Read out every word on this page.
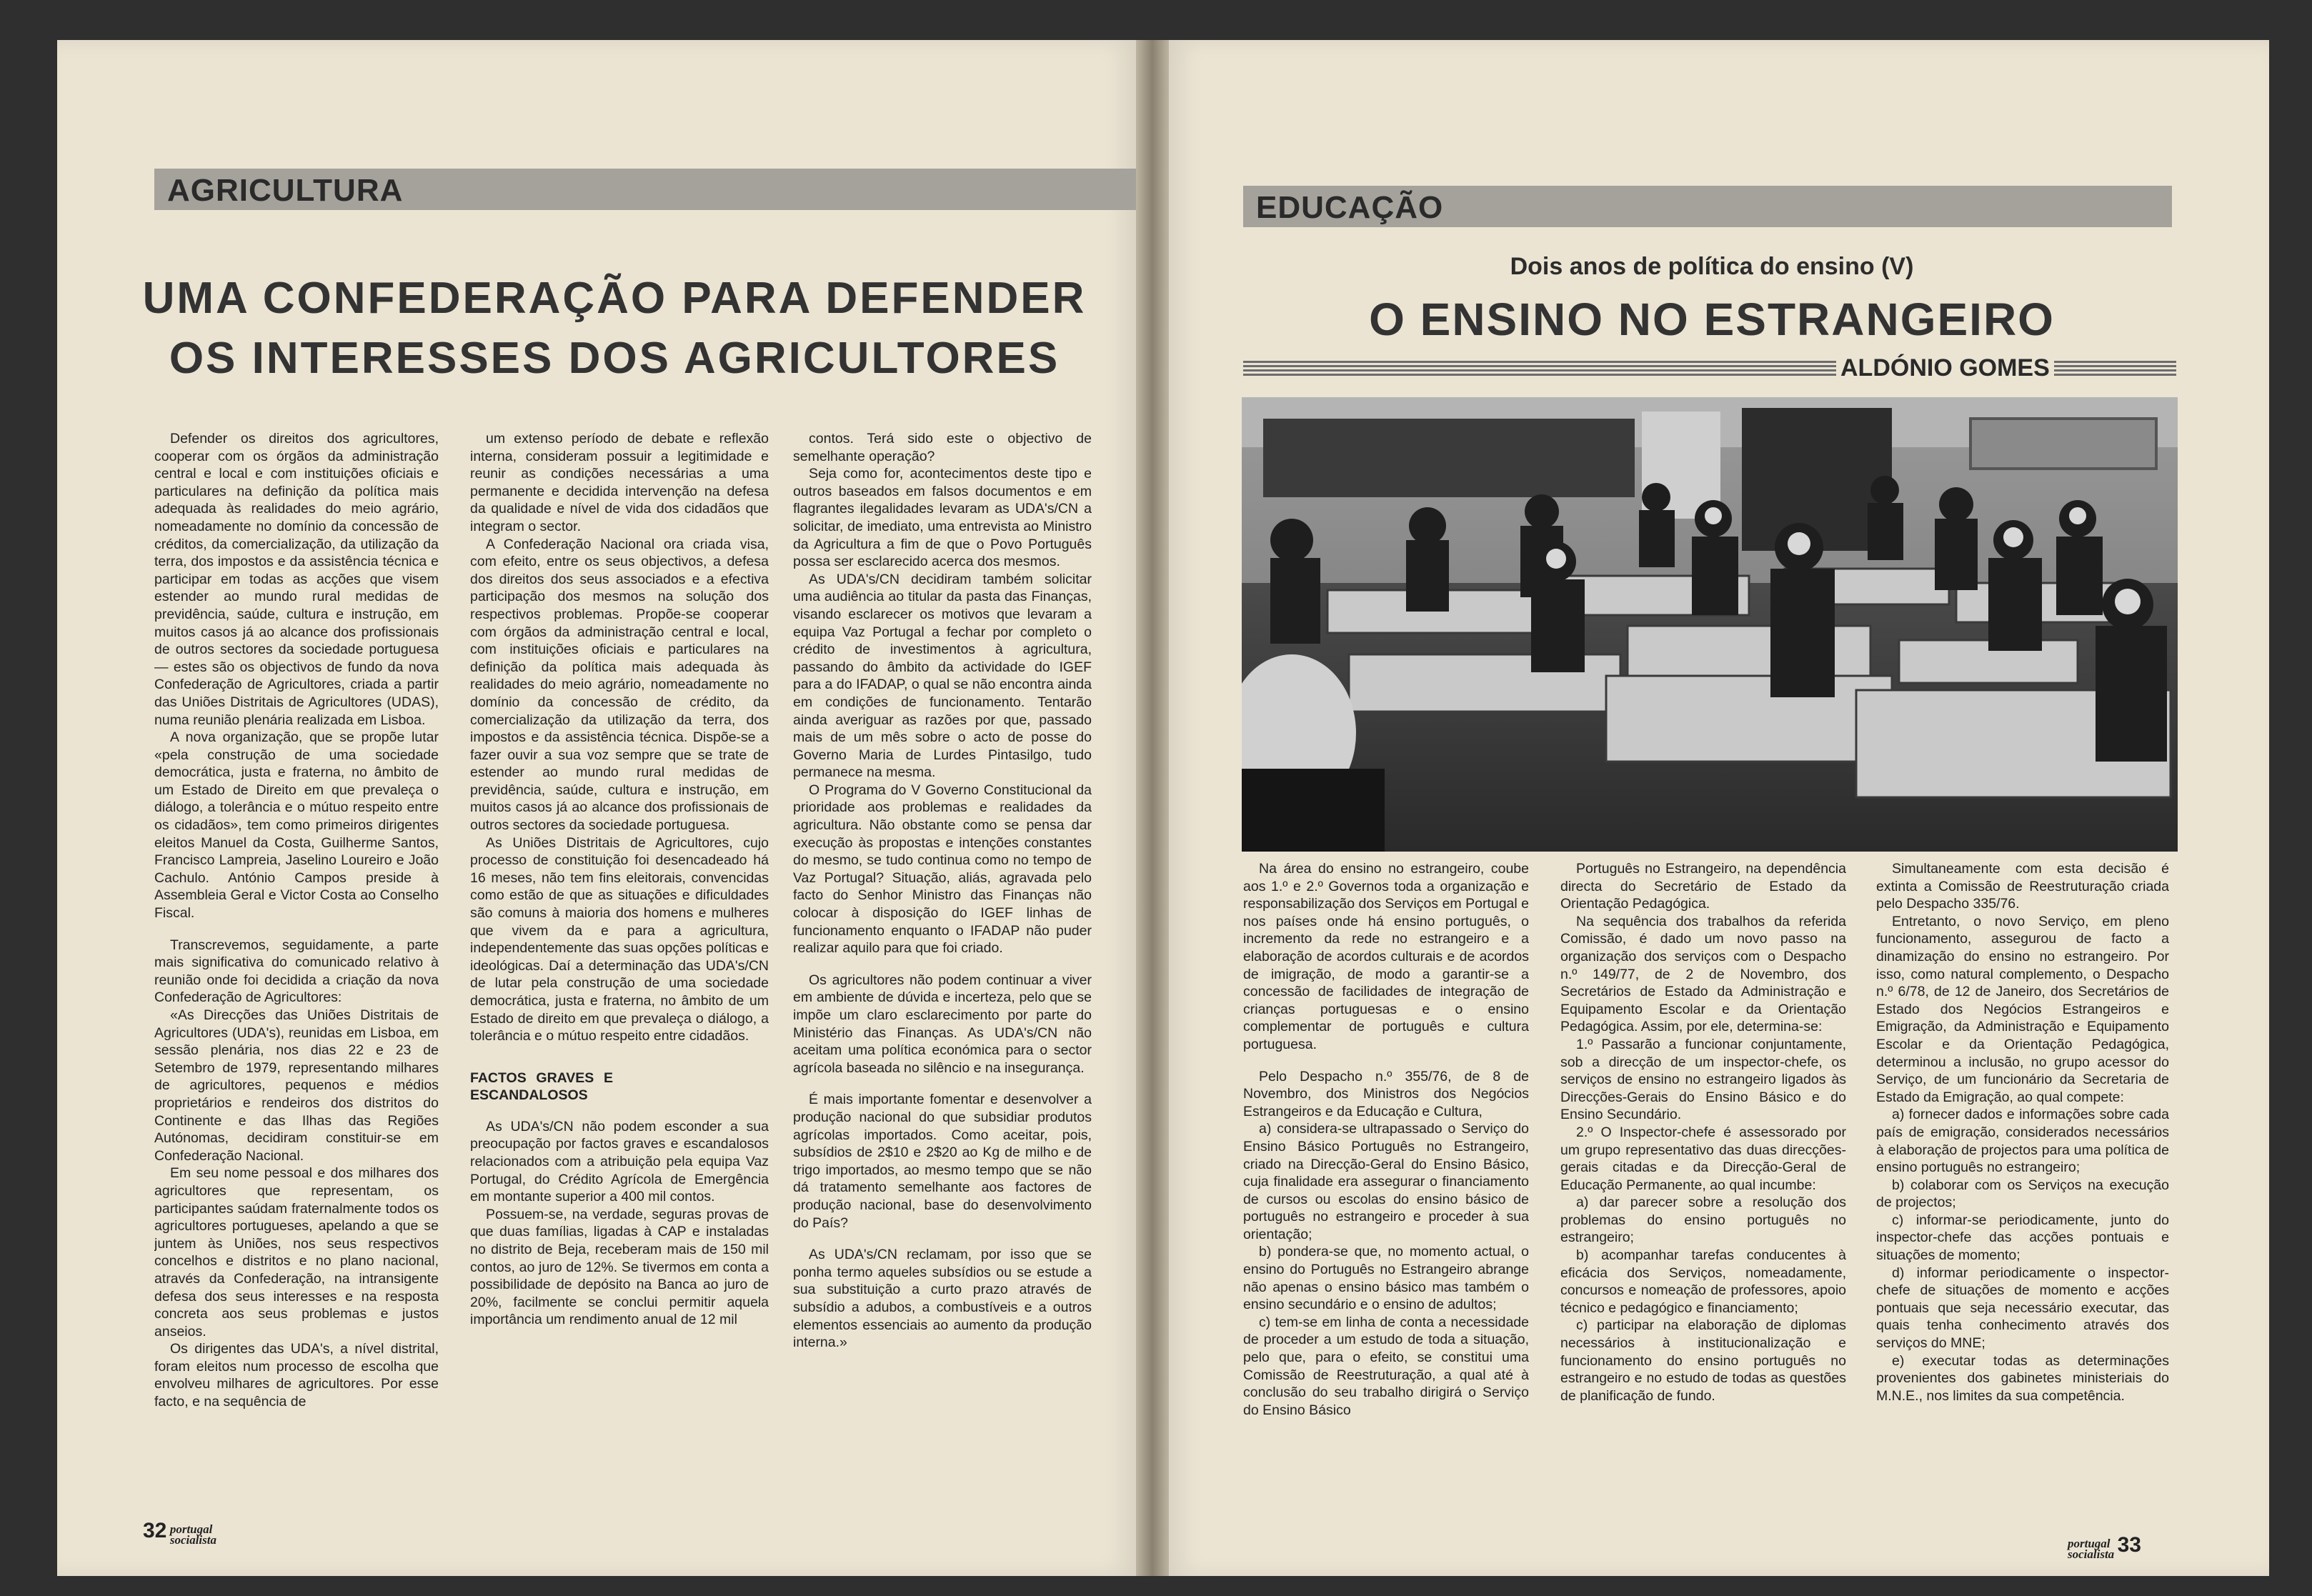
AGRICULTURA
UMA CONFEDERAÇÃO PARA DEFENDER
OS INTERESSES DOS AGRICULTORES

Defender os direitos dos agricultores, cooperar com os órgãos da administração central e local e com instituições oficiais e particulares na definição da política mais adequada às realidades do meio agrário, nomeadamente no domínio da concessão de créditos, da comercialização, da utilização da terra, dos impostos e da assistência técnica e participar em todas as acções que visem estender ao mundo rural medidas de previdência, saúde, cultura e instrução, em muitos casos já ao alcance dos profissionais de outros sectores da sociedade portuguesa — estes são os objectivos de fundo da nova Confederação de Agricultores, criada a partir das Uniões Distritais de Agricultores (UDAS), numa reunião plenária realizada em Lisboa.

A nova organização, que se propõe lutar «pela construção de uma sociedade democrática, justa e fraterna, no âmbito de um Estado de Direito em que prevaleça o diálogo, a tolerância e o mútuo respeito entre os cidadãos», tem como primeiros dirigentes eleitos Manuel da Costa, Guilherme Santos, Francisco Lampreia, Jaselino Loureiro e João Cachulo. António Campos preside à Assembleia Geral e Victor Costa ao Conselho Fiscal.

Transcrevemos, seguidamente, a parte mais significativa do comunicado relativo à reunião onde foi decidida a criação da nova Confederação de Agricultores:

«As Direcções das Uniões Distritais de Agricultores (UDA's), reunidas em Lisboa, em sessão plenária, nos dias 22 e 23 de Setembro de 1979, representando milhares de agricultores, pequenos e médios proprietários e rendeiros dos distritos do Continente e das Ilhas das Regiões Autónomas, decidiram constituir-se em Confederação Nacional.

Em seu nome pessoal e dos milhares dos agricultores que representam, os participantes saúdam fraternalmente todos os agricultores portugueses, apelando a que se juntem às Uniões, nos seus respectivos concelhos e distritos e no plano nacional, através da Confederação, na intransigente defesa dos seus interesses e na resposta concreta aos seus problemas e justos anseios.

Os dirigentes das UDA's, a nível distrital, foram eleitos num processo de escolha que envolveu milhares de agricultores. Por esse facto, e na sequência de

um extenso período de debate e reflexão interna, consideram possuir a legitimidade e reunir as condições necessárias a uma permanente e decidida intervenção na defesa da qualidade e nível de vida dos cidadãos que integram o sector.

A Confederação Nacional ora criada visa, com efeito, entre os seus objectivos, a defesa dos direitos dos seus associados e a efectiva participação dos mesmos na solução dos respectivos problemas. Propõe-se cooperar com órgãos da administração central e local, com instituições oficiais e particulares na definição da política mais adequada às realidades do meio agrário, nomeadamente no domínio da concessão de crédito, da comercialização da utilização da terra, dos impostos e da assistência técnica. Dispõe-se a fazer ouvir a sua voz sempre que se trate de estender ao mundo rural medidas de previdência, saúde, cultura e instrução, em muitos casos já ao alcance dos profissionais de outros sectores da sociedade portuguesa.

As Uniões Distritais de Agricultores, cujo processo de constituição foi desencadeado há 16 meses, não tem fins eleitorais, convencidas como estão de que as situações e dificuldades são comuns à maioria dos homens e mulheres que vivem da e para a agricultura, independentemente das suas opções políticas e ideológicas. Daí a determinação das UDA's/CN de lutar pela construção de uma sociedade democrática, justa e fraterna, no âmbito de um Estado de direito em que prevaleça o diálogo, a tolerância e o mútuo respeito entre cidadãos.

FACTOS GRAVES E ESCANDALOSOS

As UDA's/CN não podem esconder a sua preocupação por factos graves e escandalosos relacionados com a atribuição pela equipa Vaz Portugal, do Crédito Agrícola de Emergência em montante superior a 400 mil contos.

Possuem-se, na verdade, seguras provas de que duas famílias, ligadas à CAP e instaladas no distrito de Beja, receberam mais de 150 mil contos, ao juro de 12%. Se tivermos em conta a possibilidade de depósito na Banca ao juro de 20%, facilmente se conclui permitir aquela importância um rendimento anual de 12 mil

contos. Terá sido este o objectivo de semelhante operação?

Seja como for, acontecimentos deste tipo e outros baseados em falsos documentos e em flagrantes ilegalidades levaram as UDA's/CN a solicitar, de imediato, uma entrevista ao Ministro da Agricultura a fim de que o Povo Português possa ser esclarecido acerca dos mesmos.

As UDA's/CN decidiram também solicitar uma audiência ao titular da pasta das Finanças, visando esclarecer os motivos que levaram a equipa Vaz Portugal a fechar por completo o crédito de investimentos à agricultura, passando do âmbito da actividade do IGEF para a do IFADAP, o qual se não encontra ainda em condições de funcionamento. Tentarão ainda averiguar as razões por que, passado mais de um mês sobre o acto de posse do Governo Maria de Lurdes Pintasilgo, tudo permanece na mesma.

O Programa do V Governo Constitucional da prioridade aos problemas e realidades da agricultura. Não obstante como se pensa dar execução às propostas e intenções constantes do mesmo, se tudo continua como no tempo de Vaz Portugal? Situação, aliás, agravada pelo facto do Senhor Ministro das Finanças não colocar à disposição do IGEF linhas de funcionamento enquanto o IFADAP não puder realizar aquilo para que foi criado.

Os agricultores não podem continuar a viver em ambiente de dúvida e incerteza, pelo que se impõe um claro esclarecimento por parte do Ministério das Finanças. As UDA's/CN não aceitam uma política económica para o sector agrícola baseada no silêncio e na insegurança.

É mais importante fomentar e desenvolver a produção nacional do que subsidiar produtos agrícolas importados. Como aceitar, pois, subsídios de 2$10 e 2$20 ao Kg de milho e de trigo importados, ao mesmo tempo que se não dá tratamento semelhante aos factores de produção nacional, base do desenvolvimento do País?

As UDA's/CN reclamam, por isso que se ponha termo aqueles subsídios ou se estude a sua substituição a curto prazo através de subsídio a adubos, a combustíveis e a outros elementos essenciais ao aumento da produção interna.»

32 portugal
socialista
EDUCAÇÃO
Dois anos de política do ensino (V)
O ENSINO NO ESTRANGEIRO
ALDÓNIO GOMES

Na área do ensino no estrangeiro, coube aos 1.º e 2.º Governos toda a organização e responsabilização dos Serviços em Portugal e nos países onde há ensino português, o incremento da rede no estrangeiro e a elaboração de acordos culturais e de acordos de imigração, de modo a garantir-se a concessão de facilidades de integração de crianças portuguesas e o ensino complementar de português e cultura portuguesa.

Pelo Despacho n.º 355/76, de 8 de Novembro, dos Ministros dos Negócios Estrangeiros e da Educação e Cultura,

a) considera-se ultrapassado o Serviço do Ensino Básico Português no Estrangeiro, criado na Direcção-Geral do Ensino Básico, cuja finalidade era assegurar o financiamento de cursos ou escolas do ensino básico de português no estrangeiro e proceder à sua orientação;

b) pondera-se que, no momento actual, o ensino do Português no Estrangeiro abrange não apenas o ensino básico mas também o ensino secundário e o ensino de adultos;

c) tem-se em linha de conta a necessidade de proceder a um estudo de toda a situação, pelo que, para o efeito, se constitui uma Comissão de Reestruturação, a qual até à conclusão do seu trabalho dirigirá o Serviço do Ensino Básico

Português no Estrangeiro, na dependência directa do Secretário de Estado da Orientação Pedagógica.

Na sequência dos trabalhos da referida Comissão, é dado um novo passo na organização dos serviços com o Despacho n.º 149/77, de 2 de Novembro, dos Secretários de Estado da Administração e Equipamento Escolar e da Orientação Pedagógica. Assim, por ele, determina-se:

1.º Passarão a funcionar conjuntamente, sob a direcção de um inspector-chefe, os serviços de ensino no estrangeiro ligados às Direcções-Gerais do Ensino Básico e do Ensino Secundário.

2.º O Inspector-chefe é assessorado por um grupo representativo das duas direcções-gerais citadas e da Direcção-Geral de Educação Permanente, ao qual incumbe:

a) dar parecer sobre a resolução dos problemas do ensino português no estrangeiro;

b) acompanhar tarefas conducentes à eficácia dos Serviços, nomeadamente, concursos e nomeação de professores, apoio técnico e pedagógico e financiamento;

c) participar na elaboração de diplomas necessários à institucionalização e funcionamento do ensino português no estrangeiro e no estudo de todas as questões de planificação de fundo.

Simultaneamente com esta decisão é extinta a Comissão de Reestruturação criada pelo Despacho 335/76.

Entretanto, o novo Serviço, em pleno funcionamento, assegurou de facto a dinamização do ensino no estrangeiro. Por isso, como natural complemento, o Despacho n.º 6/78, de 12 de Janeiro, dos Secretários de Estado dos Negócios Estrangeiros e Emigração, da Administração e Equipamento Escolar e da Orientação Pedagógica, determinou a inclusão, no grupo acessor do Serviço, de um funcionário da Secretaria de Estado da Emigração, ao qual compete:

a) fornecer dados e informações sobre cada país de emigração, considerados necessários à elaboração de projectos para uma política de ensino português no estrangeiro;

b) colaborar com os Serviços na execução de projectos;

c) informar-se periodicamente, junto do inspector-chefe das acções pontuais e situações de momento;

d) informar periodicamente o inspector-chefe de situações de momento e acções pontuais que seja necessário executar, das quais tenha conhecimento através dos serviços do MNE;

e) executar todas as determinações provenientes dos gabinetes ministeriais do M.N.E., nos limites da sua competência.

portugal
socialista 33
